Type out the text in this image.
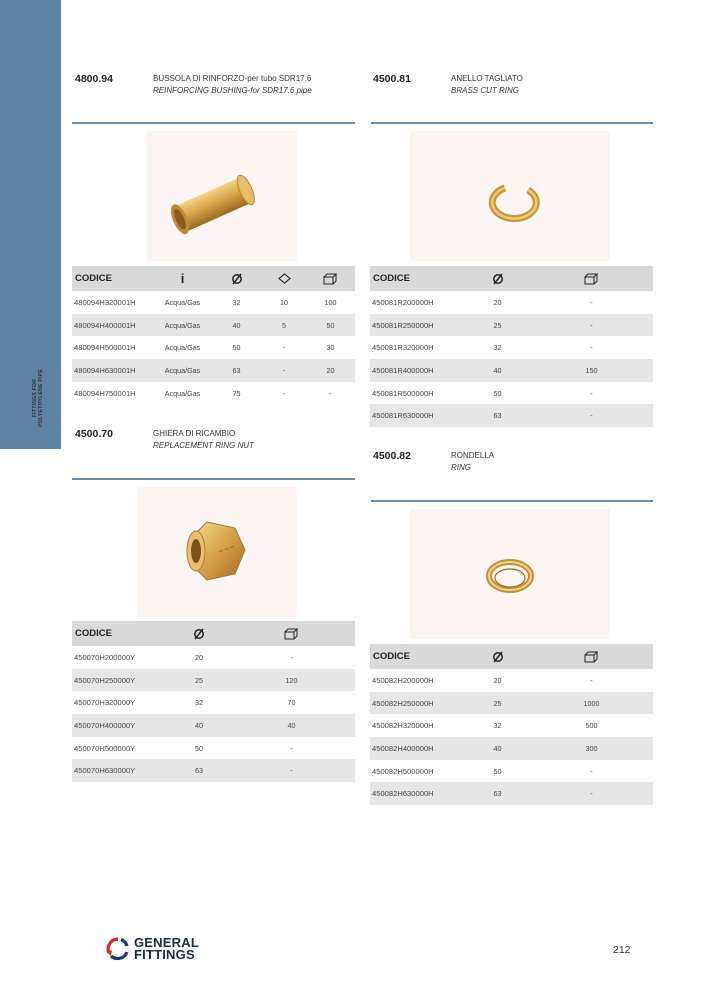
FITTINGS FOR POLYETHYLENE PIPE
4800.94	BUSSOLA DI RINFORZO-per tubo SDR17.6
REINFORCING BUSHING-for SDR17.6 pipe
CODICE	i			
480094H320001H	Acqua/Gas	32	10	100
480094H400001H	Acqua/Gas	40	5	50
480094H500001H	Acqua/Gas	50	-	30
480094H630001H	Acqua/Gas	63	-	20
480094H750001H	Acqua/Gas	75	-	-
4500.81	ANELLO TAGLIATO
BRASS CUT RING
CODICE		
450081R200000H	20	-
450081R250000H	25	-
450081R320000H	32	-
450081R400000H	40	150
450081R500000H	50	-
450081R630000H	63	-
4500.70	GHIERA DI RICAMBIO
REPLACEMENT RING NUT
~~~
CODICE		
450070H200000Y	20	-
450070H250000Y	25	120
450070H320000Y	32	70
450070H400000Y	40	40
450070H500000Y	50	-
450070H630000Y	63	-
4500.82	RONDELLA
RING
CODICE		
450082H200000H	20	-
450082H250000H	25	1000
450082H320000H	32	500
450082H400000H	40	300
450082H500000H	50	-
450082H630000H	63	-
GENERAL
FITTINGS	212
